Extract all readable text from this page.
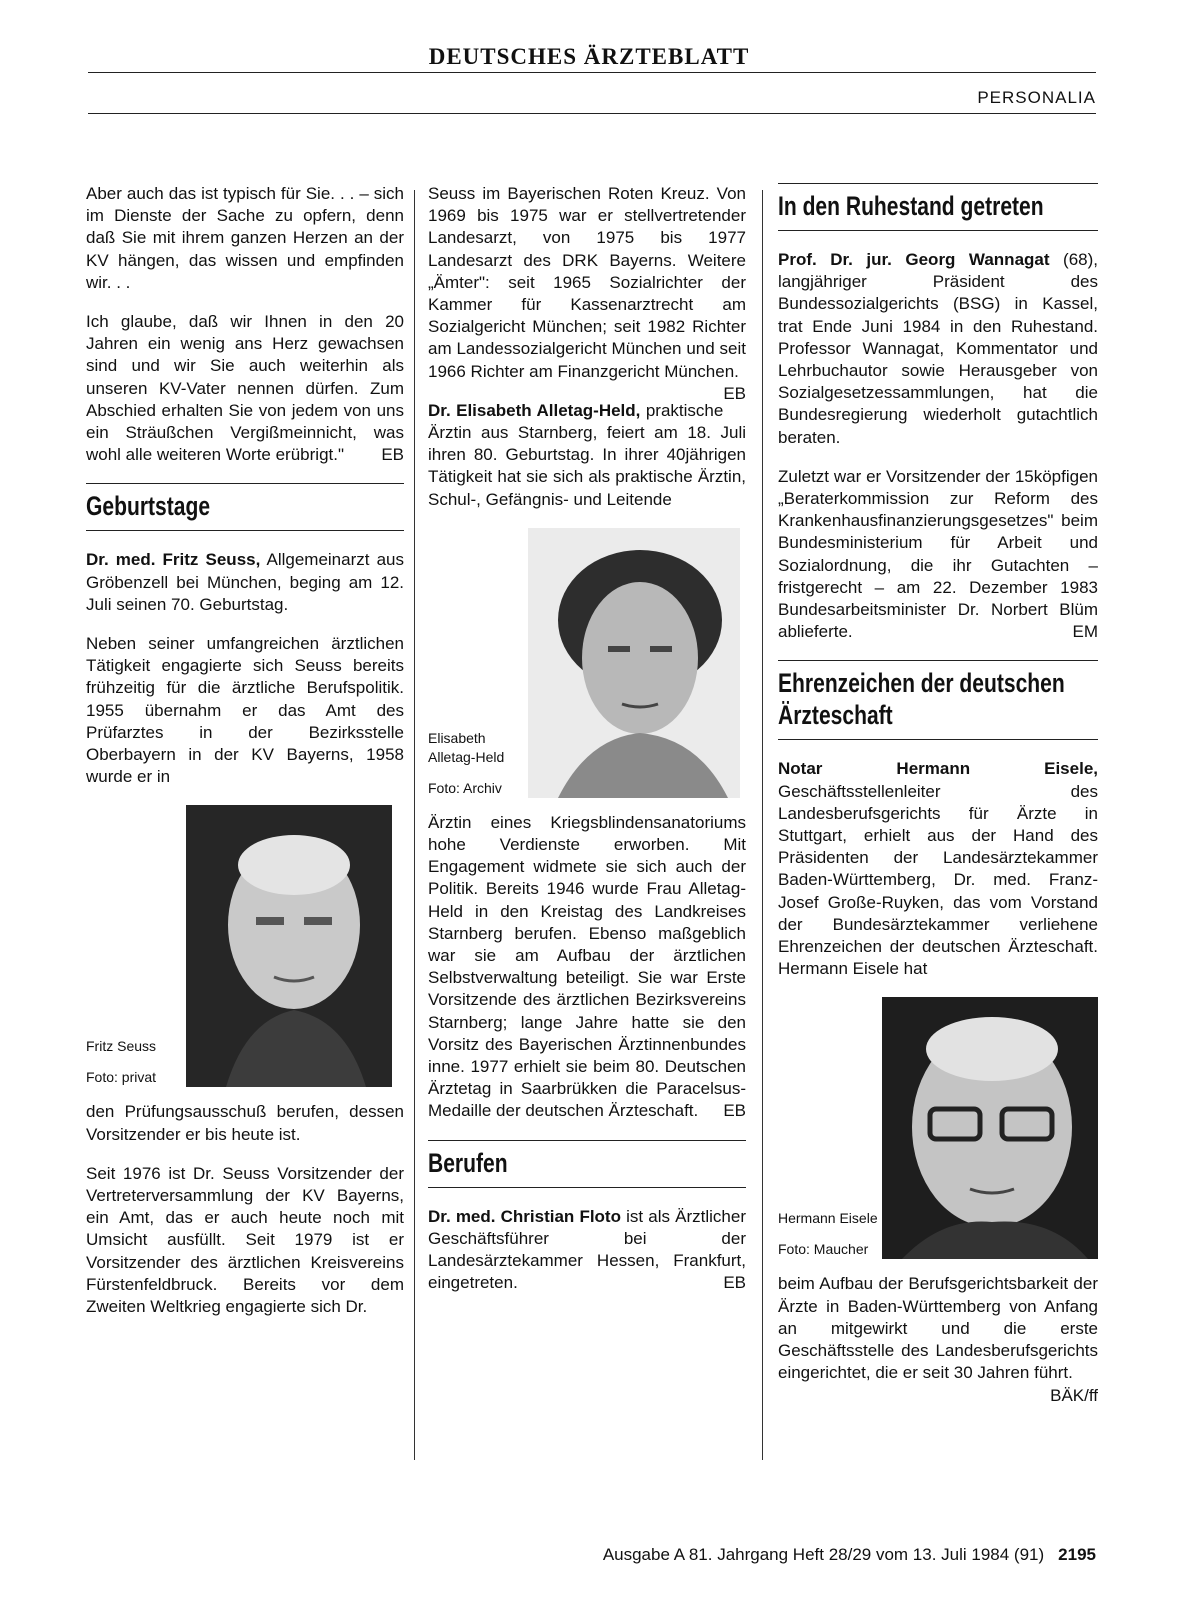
DEUTSCHES ÄRZTEBLATT
PERSONALIA

Aber auch das ist typisch für Sie. . . – sich im Dienste der Sache zu opfern, denn daß Sie mit ihrem ganzen Herzen an der KV hängen, das wissen und empfinden wir. . .

Ich glaube, daß wir Ihnen in den 20 Jahren ein wenig ans Herz gewachsen sind und wir Sie auch weiterhin als unseren KV-Vater nennen dürfen. Zum Abschied erhalten Sie von jedem von uns ein Sträußchen Vergißmeinnicht, was wohl alle weiteren Worte erübrigt." EB

Geburtstage

Dr. med. Fritz Seuss, Allgemeinarzt aus Gröbenzell bei München, beging am 12. Juli seinen 70. Geburtstag.

Neben seiner umfangreichen ärztlichen Tätigkeit engagierte sich Seuss bereits frühzeitig für die ärztliche Berufspolitik. 1955 übernahm er das Amt des Prüfarztes in der Bezirksstelle Oberbayern in der KV Bayerns, 1958 wurde er in

Fritz Seuss
Foto: privat

den Prüfungsausschuß berufen, dessen Vorsitzender er bis heute ist.

Seit 1976 ist Dr. Seuss Vorsitzender der Vertreterversammlung der KV Bayerns, ein Amt, das er auch heute noch mit Umsicht ausfüllt. Seit 1979 ist er Vorsitzender des ärztlichen Kreisvereins Fürstenfeldbruck. Bereits vor dem Zweiten Weltkrieg engagierte sich Dr.

Seuss im Bayerischen Roten Kreuz. Von 1969 bis 1975 war er stellvertretender Landesarzt, von 1975 bis 1977 Landesarzt des DRK Bayerns. Weitere „Ämter": seit 1965 Sozialrichter der Kammer für Kassenarztrecht am Sozialgericht München; seit 1982 Richter am Landessozialgericht München und seit 1966 Richter am Finanzgericht München.
EB

Dr. Elisabeth Alletag-Held, praktische Ärztin aus Starnberg, feiert am 18. Juli ihren 80. Geburtstag. In ihrer 40jährigen Tätigkeit hat sie sich als praktische Ärztin, Schul-, Gefängnis- und Leitende

Elisabeth Alletag-Held
Foto: Archiv

Ärztin eines Kriegsblindensanatoriums hohe Verdienste erworben. Mit Engagement widmete sie sich auch der Politik. Bereits 1946 wurde Frau Alletag-Held in den Kreistag des Landkreises Starnberg berufen. Ebenso maßgeblich war sie am Aufbau der ärztlichen Selbstverwaltung beteiligt. Sie war Erste Vorsitzende des ärztlichen Bezirksvereins Starnberg; lange Jahre hatte sie den Vorsitz des Bayerischen Ärztinnenbundes inne. 1977 erhielt sie beim 80. Deutschen Ärztetag in Saarbrükken die Paracelsus-Medaille der deutschen Ärzteschaft. EB

Berufen

Dr. med. Christian Floto ist als Ärztlicher Geschäftsführer bei der Landesärztekammer Hessen, Frankfurt, eingetreten.	EB

In den Ruhestand getreten

Prof. Dr. jur. Georg Wannagat (68), langjähriger Präsident des Bundessozialgerichts (BSG) in Kassel, trat Ende Juni 1984 in den Ruhestand. Professor Wannagat, Kommentator und Lehrbuchautor sowie Herausgeber von Sozialgesetzessammlungen, hat die Bundesregierung wiederholt gutachtlich beraten.

Zuletzt war er Vorsitzender der 15köpfigen „Beraterkommission zur Reform des Krankenhausfinanzierungsgesetzes" beim Bundesministerium für Arbeit und Sozialordnung, die ihr Gutachten – fristgerecht – am 22. Dezember 1983 Bundesarbeitsminister Dr. Norbert Blüm ablieferte.	EM

Ehrenzeichen der deutschen Ärzteschaft

Notar Hermann Eisele, Geschäftsstellenleiter des Landesberufsgerichts für Ärzte in Stuttgart, erhielt aus der Hand des Präsidenten der Landesärztekammer Baden-Württemberg, Dr. med. Franz-Josef Große-Ruyken, das vom Vorstand der Bundesärztekammer verliehene Ehrenzeichen der deutschen Ärzteschaft. Hermann Eisele hat

Hermann Eisele
Foto: Maucher

beim Aufbau der Berufsgerichtsbarkeit der Ärzte in Baden-Württemberg von Anfang an mitgewirkt und die erste Geschäftsstelle des Landesberufsgerichts eingerichtet, die er seit 30 Jahren führt.
BÄK/ff

Ausgabe A 81. Jahrgang Heft 28/29 vom 13. Juli 1984 (91) 2195
